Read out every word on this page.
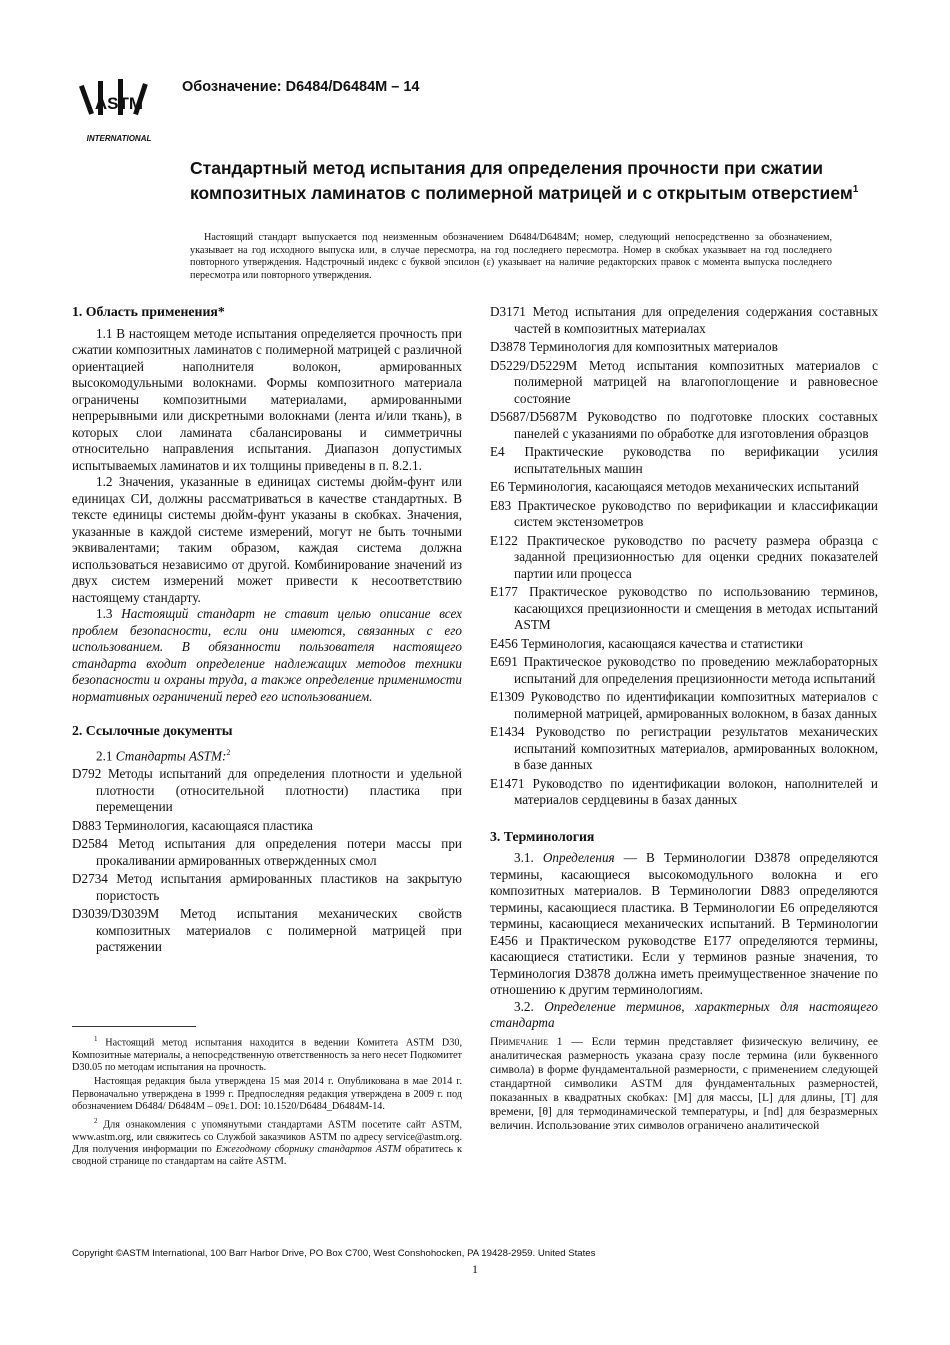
ASTM
INTERNATIONAL
Обозначение: D6484/D6484M – 14
Стандартный метод испытания для определения прочности при сжатии композитных ламинатов с полимерной матрицей и с открытым отверстием$^1$

Настоящий стандарт выпускается под неизменным обозначением D6484/D6484M; номер, следующий непосредственно за обозначением, указывает на год исходного выпуска или, в случае пересмотра, на год последнего пересмотра. Номер в скобках указывает на год последнего повторного утверждения. Надстрочный индекс с буквой эпсилон (ε) указывает на наличие редакторских правок с момента выпуска последнего пересмотра или повторного утверждения.

1. Область применения*

1.1 В настоящем методе испытания определяется прочность при сжатии композитных ламинатов с полимерной матрицей с различной ориентацией наполнителя волокон, армированных высокомодульными волокнами. Формы композитного материала ограничены композитными материалами, армированными непрерывными или дискретными волокнами (лента и/или ткань), в которых слои ламината сбалансированы и симметричны относительно направления испытания. Диапазон допустимых испытываемых ламинатов и их толщины приведены в п. 8.2.1.

1.2 Значения, указанные в единицах системы дюйм-фунт или единицах СИ, должны рассматриваться в качестве стандартных. В тексте единицы системы дюйм-фунт указаны в скобках. Значения, указанные в каждой системе измерений, могут не быть точными эквивалентами; таким образом, каждая система должна использоваться независимо от другой. Комбинирование значений из двух систем измерений может привести к несоответствию настоящему стандарту.

1.3 Настоящий стандарт не ставит целью описание всех проблем безопасности, если они имеются, связанных с его использованием. В обязанности пользователя настоящего стандарта входит определение надлежащих методов техники безопасности и охраны труда, а также определение применимости нормативных ограничений перед его использованием.

2. Ссылочные документы

2.1 Стандарты ASTM:$^2$

D792 Методы испытаний для определения плотности и удельной плотности (относительной плотности) пластика при перемещении

D883 Терминология, касающаяся пластика

D2584 Метод испытания для определения потери массы при прокаливании армированных отвержденных смол

D2734 Метод испытания армированных пластиков на закрытую пористость

D3039/D3039M Метод испытания механических свойств композитных материалов с полимерной матрицей при растяжении

D3171 Метод испытания для определения содержания составных частей в композитных материалах

D3878 Терминология для композитных материалов

D5229/D5229M Метод испытания композитных материалов с полимерной матрицей на влагопоглощение и равновесное состояние

D5687/D5687M Руководство по подготовке плоских составных панелей с указаниями по обработке для изготовления образцов

E4 Практические руководства по верификации усилия испытательных машин

E6 Терминология, касающаяся методов механических испытаний

E83 Практическое руководство по верификации и классификации систем экстензометров

E122 Практическое руководство по расчету размера образца с заданной прецизионностью для оценки средних показателей партии или процесса

E177 Практическое руководство по использованию терминов, касающихся прецизионности и смещения в методах испытаний ASTM

E456 Терминология, касающаяся качества и статистики

E691 Практическое руководство по проведению межлабораторных испытаний для определения прецизионности метода испытаний

E1309 Руководство по идентификации композитных материалов с полимерной матрицей, армированных волокном, в базах данных

E1434 Руководство по регистрации результатов механических испытаний композитных материалов, армированных волокном, в базе данных

E1471 Руководство по идентификации волокон, наполнителей и материалов сердцевины в базах данных

3. Терминология

3.1. Определения — В Терминологии D3878 определяются термины, касающиеся высокомодульного волокна и его композитных материалов. В Терминологии D883 определяются термины, касающиеся пластика. В Терминологии E6 определяются термины, касающиеся механических испытаний. В Терминологии E456 и Практическом руководстве E177 определяются термины, касающиеся статистики. Если у терминов разные значения, то Терминология D3878 должна иметь преимущественное значение по отношению к другим терминологиям.

3.2. Определение терминов, характерных для настоящего стандарта

Примечание 1 — Если термин представляет физическую величину, ее аналитическая размерность указана сразу после термина (или буквенного символа) в форме фундаментальной размерности, с применением следующей стандартной символики ASTM для фундаментальных размерностей, показанных в квадратных скобках: [M] для массы, [L] для длины, [T] для времени, [θ] для термодинамической температуры, и [nd] для безразмерных величин. Использование этих символов ограничено аналитической

$^1$ Настоящий метод испытания находится в ведении Комитета ASTM D30, Композитные материалы, а непосредственную ответственность за него несет Подкомитет D30.05 по методам испытания на прочность.

Настоящая редакция была утверждена 15 мая 2014 г. Опубликована в мае 2014 г. Первоначально утверждена в 1999 г. Предпоследняя редакция утверждена в 2009 г. под обозначением D6484/ D6484M – 09ε1. DOI: 10.1520/D6484_D6484M-14.

$^2$ Для ознакомления с упомянутыми стандартами ASTM посетите сайт ASTM, www.astm.org, или свяжитесь со Службой заказчиков ASTM по адресу service@astm.org. Для получения информации по Ежегодному сборнику стандартов ASTM обратитесь к сводной странице по стандартам на сайте ASTM.

Copyright ©ASTM International, 100 Barr Harbor Drive, PO Box C700, West Conshohocken, PA 19428-2959. United States
1
